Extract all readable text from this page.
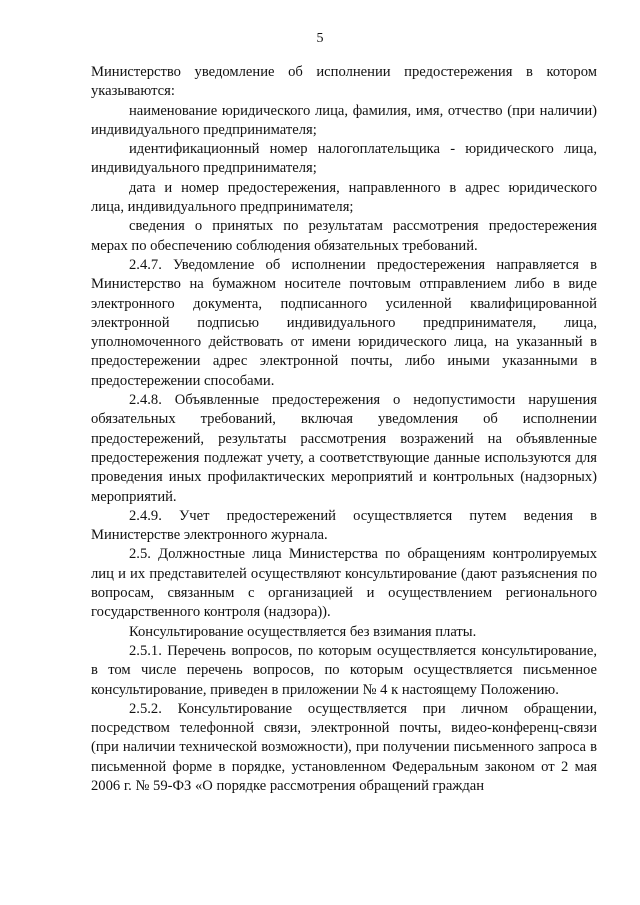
5

Министерство уведомление об исполнении предостережения в котором указываются:

наименование юридического лица, фамилия, имя, отчество (при наличии) индивидуального предпринимателя;

идентификационный номер налогоплательщика - юридического лица, индивидуального предпринимателя;

дата и номер предостережения, направленного в адрес юридического лица, индивидуального предпринимателя;

сведения о принятых по результатам рассмотрения предостережения мерах по обеспечению соблюдения обязательных требований.

2.4.7. Уведомление об исполнении предостережения направляется в Министерство на бумажном носителе почтовым отправлением либо в виде электронного документа, подписанного усиленной квалифицированной электронной подписью индивидуального предпринимателя, лица, уполномоченного действовать от имени юридического лица, на указанный в предостережении адрес электронной почты, либо иными указанными в предостережении способами.

2.4.8. Объявленные предостережения о недопустимости нарушения обязательных требований, включая уведомления об исполнении предостережений, результаты рассмотрения возражений на объявленные предостережения подлежат учету, а соответствующие данные используются для проведения иных профилактических мероприятий и контрольных (надзорных) мероприятий.

2.4.9. Учет предостережений осуществляется путем ведения в Министерстве электронного журнала.

2.5. Должностные лица Министерства по обращениям контролируемых лиц и их представителей осуществляют консультирование (дают разъяснения по вопросам, связанным с организацией и осуществлением регионального государственного контроля (надзора)).

Консультирование осуществляется без взимания платы.

2.5.1. Перечень вопросов, по которым осуществляется консультирование, в том числе перечень вопросов, по которым осуществляется письменное консультирование, приведен в приложении № 4 к настоящему Положению.

2.5.2. Консультирование осуществляется при личном обращении, посредством телефонной связи, электронной почты, видео-конференц-связи (при наличии технической возможности), при получении письменного запроса в письменной форме в порядке, установленном Федеральным законом от 2 мая 2006 г. № 59-ФЗ «О порядке рассмотрения обращений граждан
